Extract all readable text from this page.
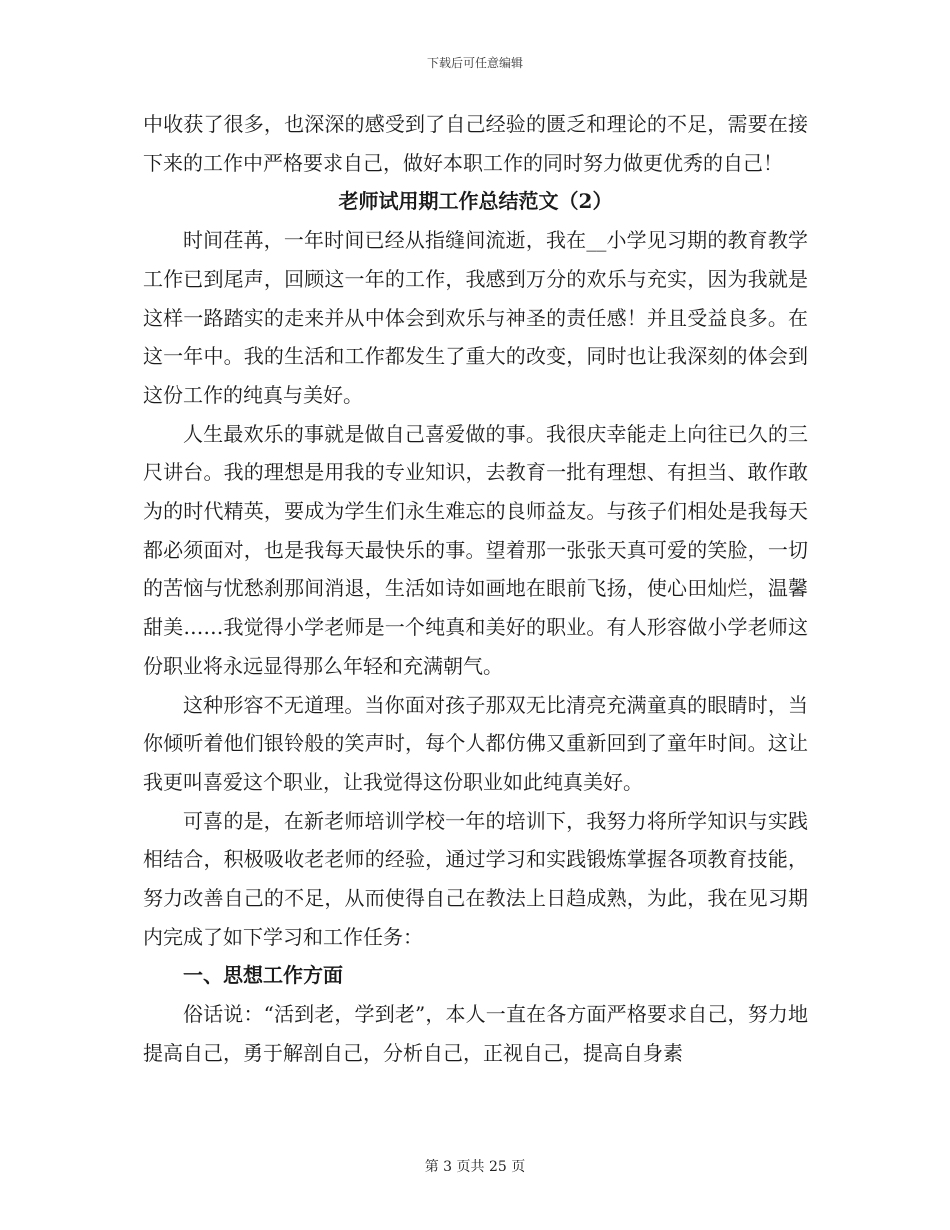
下载后可任意编辑

中收获了很多，也深深的感受到了自己经验的匮乏和理论的不足，需要在接下来的工作中严格要求自己，做好本职工作的同时努力做更优秀的自己！

老师试用期工作总结范文（2）

时间荏苒，一年时间已经从指缝间流逝，我在__小学见习期的教育教学工作已到尾声，回顾这一年的工作，我感到万分的欢乐与充实，因为我就是这样一路踏实的走来并从中体会到欢乐与神圣的责任感！并且受益良多。在这一年中。我的生活和工作都发生了重大的改变，同时也让我深刻的体会到这份工作的纯真与美好。

人生最欢乐的事就是做自己喜爱做的事。我很庆幸能走上向往已久的三尺讲台。我的理想是用我的专业知识，去教育一批有理想、有担当、敢作敢为的时代精英，要成为学生们永生难忘的良师益友。与孩子们相处是我每天都必须面对，也是我每天最快乐的事。望着那一张张天真可爱的笑脸，一切的苦恼与忧愁刹那间消退，生活如诗如画地在眼前飞扬，使心田灿烂，温馨甜美……我觉得小学老师是一个纯真和美好的职业。有人形容做小学老师这份职业将永远显得那么年轻和充满朝气。

这种形容不无道理。当你面对孩子那双无比清亮充满童真的眼睛时，当你倾听着他们银铃般的笑声时，每个人都仿佛又重新回到了童年时间。这让我更叫喜爱这个职业，让我觉得这份职业如此纯真美好。

可喜的是，在新老师培训学校一年的培训下，我努力将所学知识与实践相结合，积极吸收老老师的经验，通过学习和实践锻炼掌握各项教育技能，努力改善自己的不足，从而使得自己在教法上日趋成熟，为此，我在见习期内完成了如下学习和工作任务：

一、思想工作方面

俗话说：“活到老，学到老”，本人一直在各方面严格要求自己，努力地提高自己，勇于解剖自己，分析自己，正视自己，提高自身素

第 3 页共 25 页
